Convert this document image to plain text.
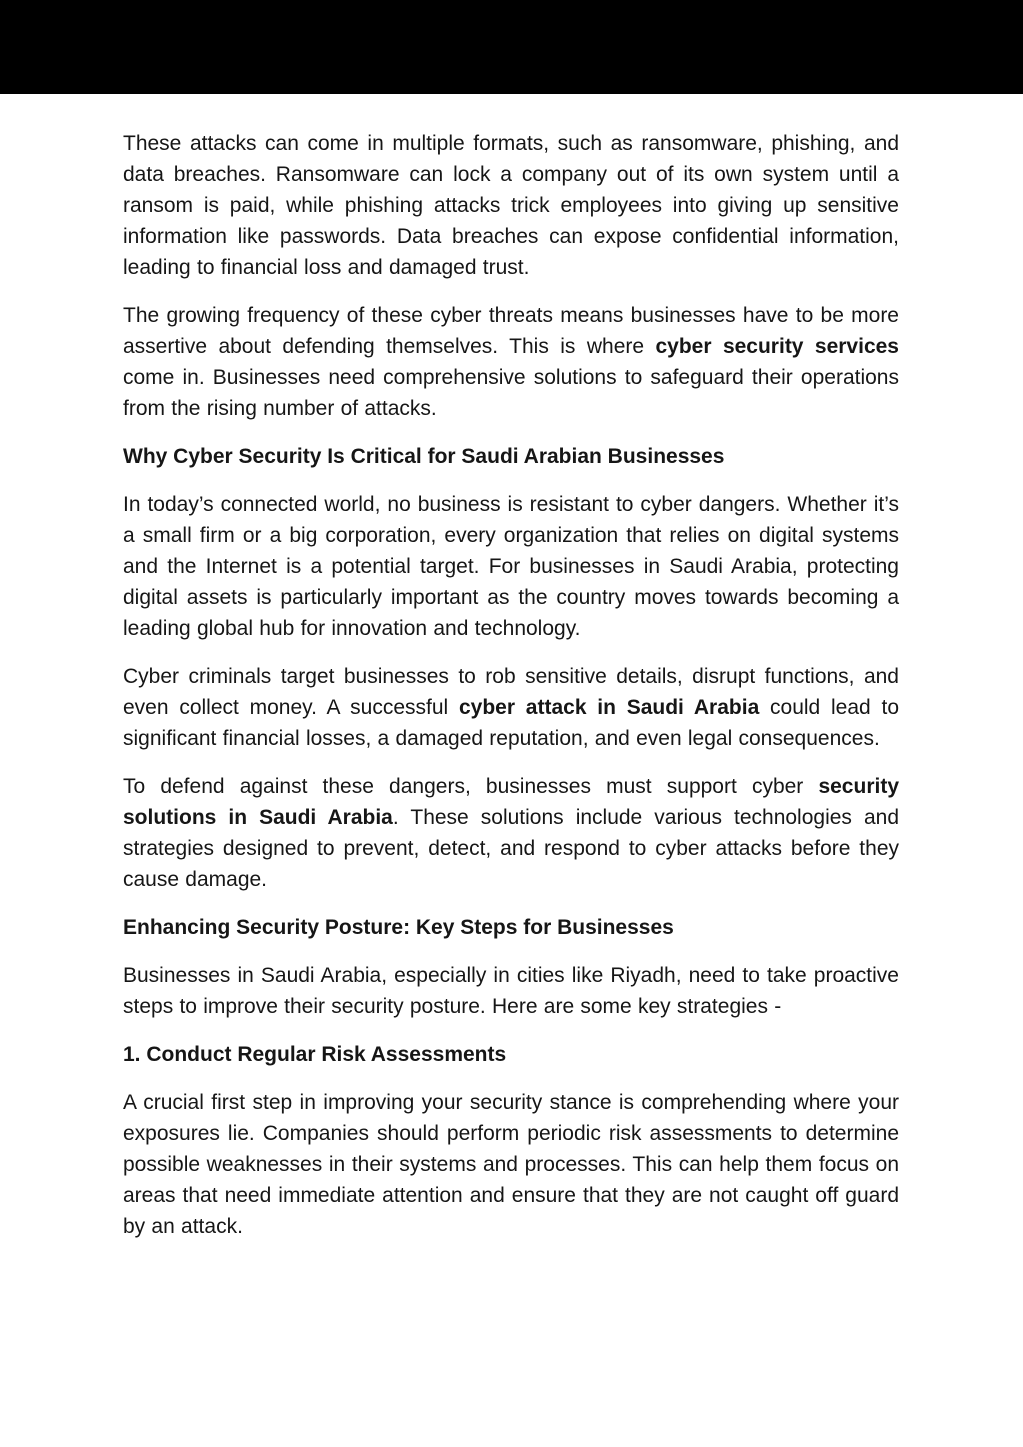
These attacks can come in multiple formats, such as ransomware, phishing, and data breaches. Ransomware can lock a company out of its own system until a ransom is paid, while phishing attacks trick employees into giving up sensitive information like passwords. Data breaches can expose confidential information, leading to financial loss and damaged trust.

The growing frequency of these cyber threats means businesses have to be more assertive about defending themselves. This is where cyber security services come in. Businesses need comprehensive solutions to safeguard their operations from the rising number of attacks.

Why Cyber Security Is Critical for Saudi Arabian Businesses

In today’s connected world, no business is resistant to cyber dangers. Whether it’s a small firm or a big corporation, every organization that relies on digital systems and the Internet is a potential target. For businesses in Saudi Arabia, protecting digital assets is particularly important as the country moves towards becoming a leading global hub for innovation and technology.

Cyber criminals target businesses to rob sensitive details, disrupt functions, and even collect money. A successful cyber attack in Saudi Arabia could lead to significant financial losses, a damaged reputation, and even legal consequences.

To defend against these dangers, businesses must support cyber security solutions in Saudi Arabia. These solutions include various technologies and strategies designed to prevent, detect, and respond to cyber attacks before they cause damage.

Enhancing Security Posture: Key Steps for Businesses

Businesses in Saudi Arabia, especially in cities like Riyadh, need to take proactive steps to improve their security posture. Here are some key strategies -

1. Conduct Regular Risk Assessments

A crucial first step in improving your security stance is comprehending where your exposures lie. Companies should perform periodic risk assessments to determine possible weaknesses in their systems and processes. This can help them focus on areas that need immediate attention and ensure that they are not caught off guard by an attack.
